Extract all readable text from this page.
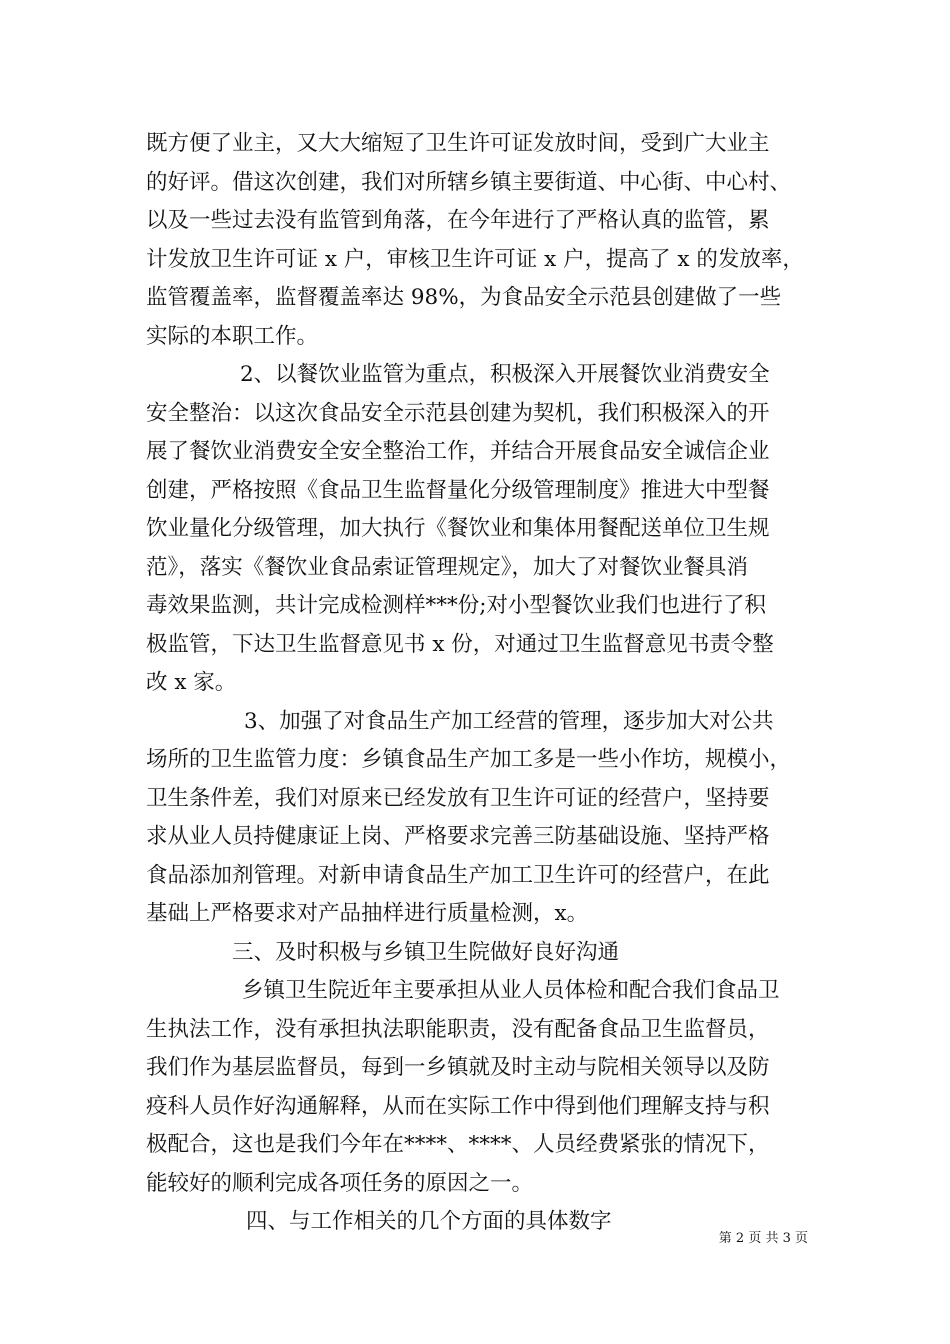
既方便了业主，又大大缩短了卫生许可证发放时间，受到广大业主
的好评。借这次创建，我们对所辖乡镇主要街道、中心街、中心村、
以及一些过去没有监管到角落，在今年进行了严格认真的监管，累
计发放卫生许可证 x 户，审核卫生许可证 x 户，提高了 x 的发放率，
监管覆盖率，监督覆盖率达 98%，为食品安全示范县创建做了一些
实际的本职工作。
2、以餐饮业监管为重点，积极深入开展餐饮业消费安全
安全整治：以这次食品安全示范县创建为契机，我们积极深入的开
展了餐饮业消费安全安全整治工作，并结合开展食品安全诚信企业
创建，严格按照《食品卫生监督量化分级管理制度》推进大中型餐
饮业量化分级管理，加大执行《餐饮业和集体用餐配送单位卫生规
范》，落实《餐饮业食品索证管理规定》，加大了对餐饮业餐具消
毒效果监测，共计完成检测样***份;对小型餐饮业我们也进行了积
极监管，下达卫生监督意见书 x 份，对通过卫生监督意见书责令整
改 x 家。
3、加强了对食品生产加工经营的管理，逐步加大对公共
场所的卫生监管力度：乡镇食品生产加工多是一些小作坊，规模小，
卫生条件差，我们对原来已经发放有卫生许可证的经营户，坚持要
求从业人员持健康证上岗、严格要求完善三防基础设施、坚持严格
食品添加剂管理。对新申请食品生产加工卫生许可的经营户，在此
基础上严格要求对产品抽样进行质量检测，x。
三、及时积极与乡镇卫生院做好良好沟通
乡镇卫生院近年主要承担从业人员体检和配合我们食品卫
生执法工作，没有承担执法职能职责，没有配备食品卫生监督员，
我们作为基层监督员，每到一乡镇就及时主动与院相关领导以及防
疫科人员作好沟通解释，从而在实际工作中得到他们理解支持与积
极配合，这也是我们今年在****、****、人员经费紧张的情况下，
能较好的顺利完成各项任务的原因之一。
四、与工作相关的几个方面的具体数字
第 2 页 共 3 页
